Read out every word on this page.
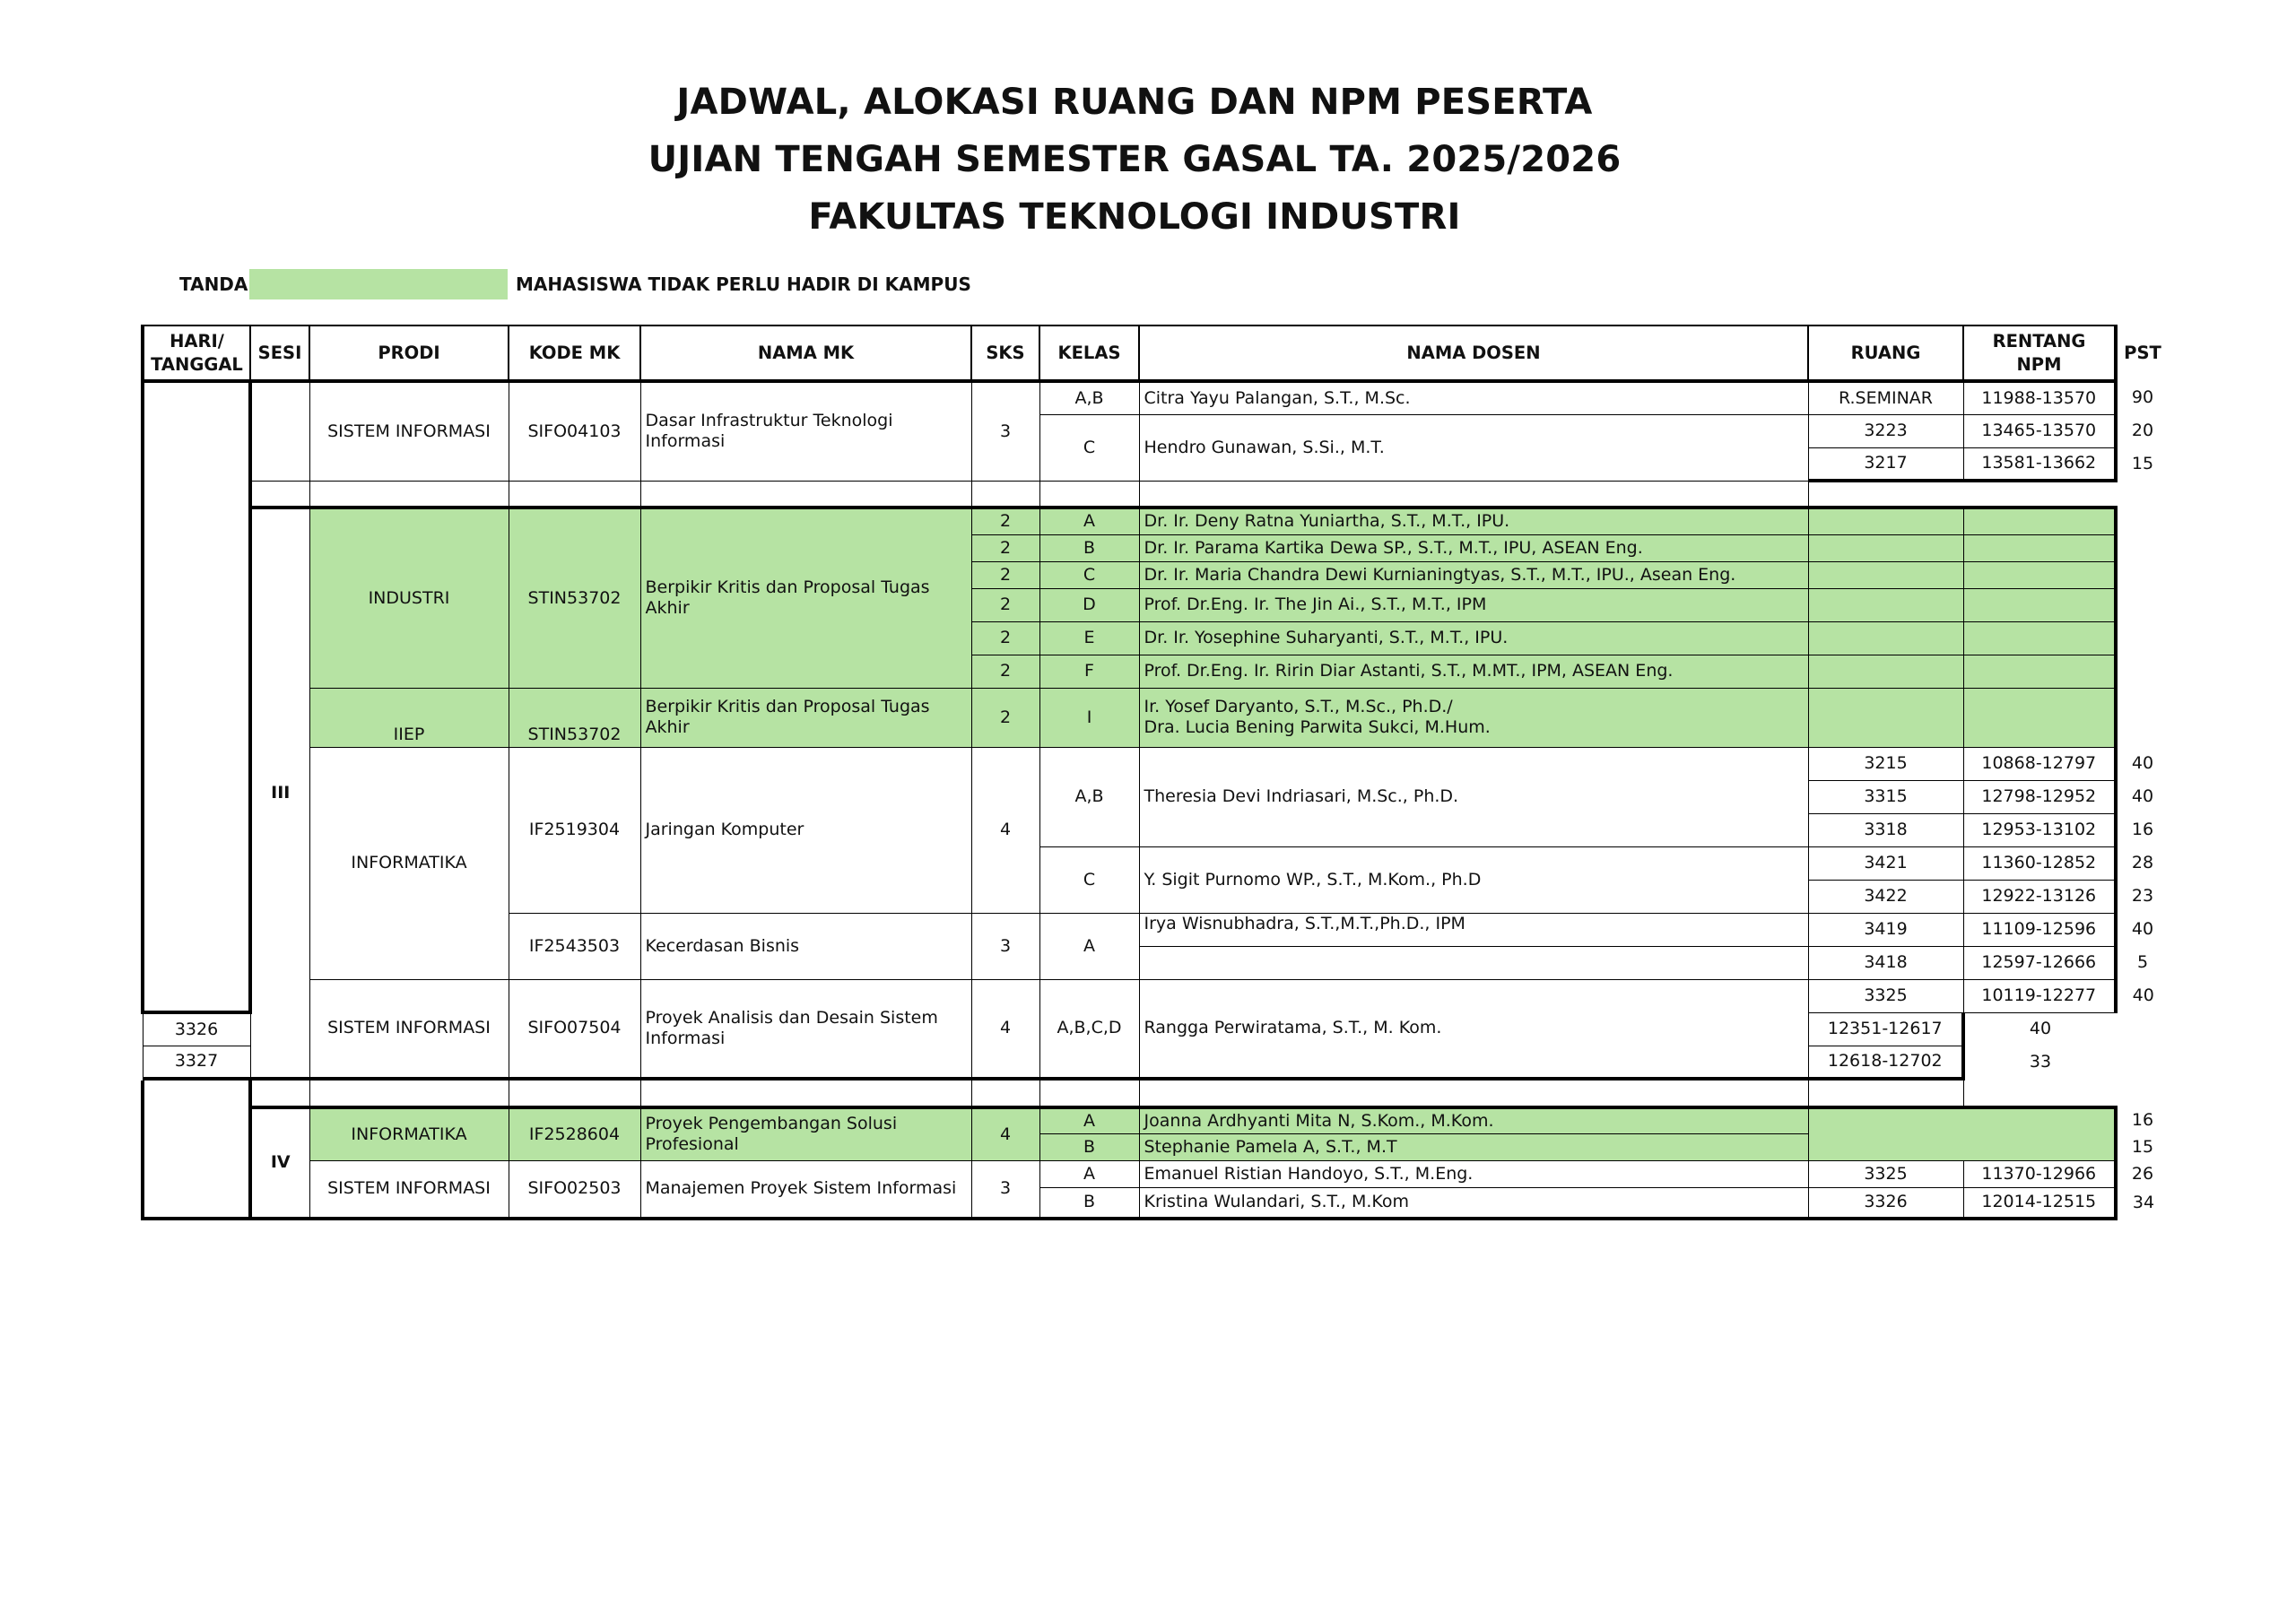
JADWAL, ALOKASI RUANG DAN NPM PESERTA
UJIAN TENGAH SEMESTER GASAL TA. 2025/2026
FAKULTAS TEKNOLOGI INDUSTRI
TANDA	MAHASISWA TIDAK PERLU HADIR DI KAMPUS
HARI/ TANGGAL	SESI	PRODI	KODE MK	NAMA MK	SKS	KELAS	NAMA DOSEN	RUANG	RENTANG NPM	PST
		SISTEM INFORMASI	SIFO04103	Dasar Infrastruktur Teknologi Informasi	3	A,B	Citra Yayu Palangan, S.T., M.Sc.	R.SEMINAR	11988-13570	90
						C	Hendro Gunawan, S.Si., M.T.	3223	13465-13570	20
								3217	13581-13662	15

	III	INDUSTRI	STIN53702	Berpikir Kritis dan Proposal Tugas Akhir	2	A	Dr. Ir. Deny Ratna Yuniartha, S.T., M.T., IPU.			
					2	B	Dr. Ir. Parama Kartika Dewa SP., S.T., M.T., IPU, ASEAN Eng.			
					2	C	Dr. Ir. Maria Chandra Dewi Kurnianingtyas, S.T., M.T., IPU., Asean Eng.			
					2	D	Prof. Dr.Eng. Ir. The Jin Ai., S.T., M.T., IPM			
					2	E	Dr. Ir. Yosephine Suharyanti, S.T., M.T., IPU.			
					2	F	Prof. Dr.Eng. Ir. Ririn Diar Astanti, S.T., M.MT., IPM, ASEAN Eng.			
		IIEP	STIN53702	Berpikir Kritis dan Proposal Tugas Akhir	2	I	Ir. Yosef Daryanto, S.T., M.Sc., Ph.D./
Dra. Lucia Bening Parwita Sukci, M.Hum.			

		INFORMATIKA	IF2519304	Jaringan Komputer	4	A,B	Theresia Devi Indriasari, M.Sc., Ph.D.	3215	10868-12797	40
								3315	12798-12952	40
								3318	12953-13102	16
						C	Y. Sigit Purnomo WP., S.T., M.Kom., Ph.D	3421	11360-12852	28
								3422	12922-13126	23
			IF2543503	Kecerdasan Bisnis	3	A	Irya Wisnubhadra, S.T.,M.T.,Ph.D., IPM	3419	11109-12596	40
								3418	12597-12666	5
		SISTEM INFORMASI	SIFO07504	Proyek Analisis dan Desain Sistem Informasi	4	A,B,C,D	Rangga Perwiratama, S.T., M. Kom.	3325	10119-12277	40
3326								12351-12617	40	
3327								12618-12702	33	

	IV	INFORMATIKA	IF2528604	Proyek Pengembangan Solusi Profesional	4	A	Joanna Ardhyanti Mita N, S.Kom., M.Kom.			16
						B	Stephanie Pamela A, S.T., M.T			15
		SISTEM INFORMASI	SIFO02503	Manajemen Proyek Sistem Informasi	3	A	Emanuel Ristian Handoyo, S.T., M.Eng.	3325	11370-12966	26
						B	Kristina Wulandari, S.T., M.Kom	3326	12014-12515	34
